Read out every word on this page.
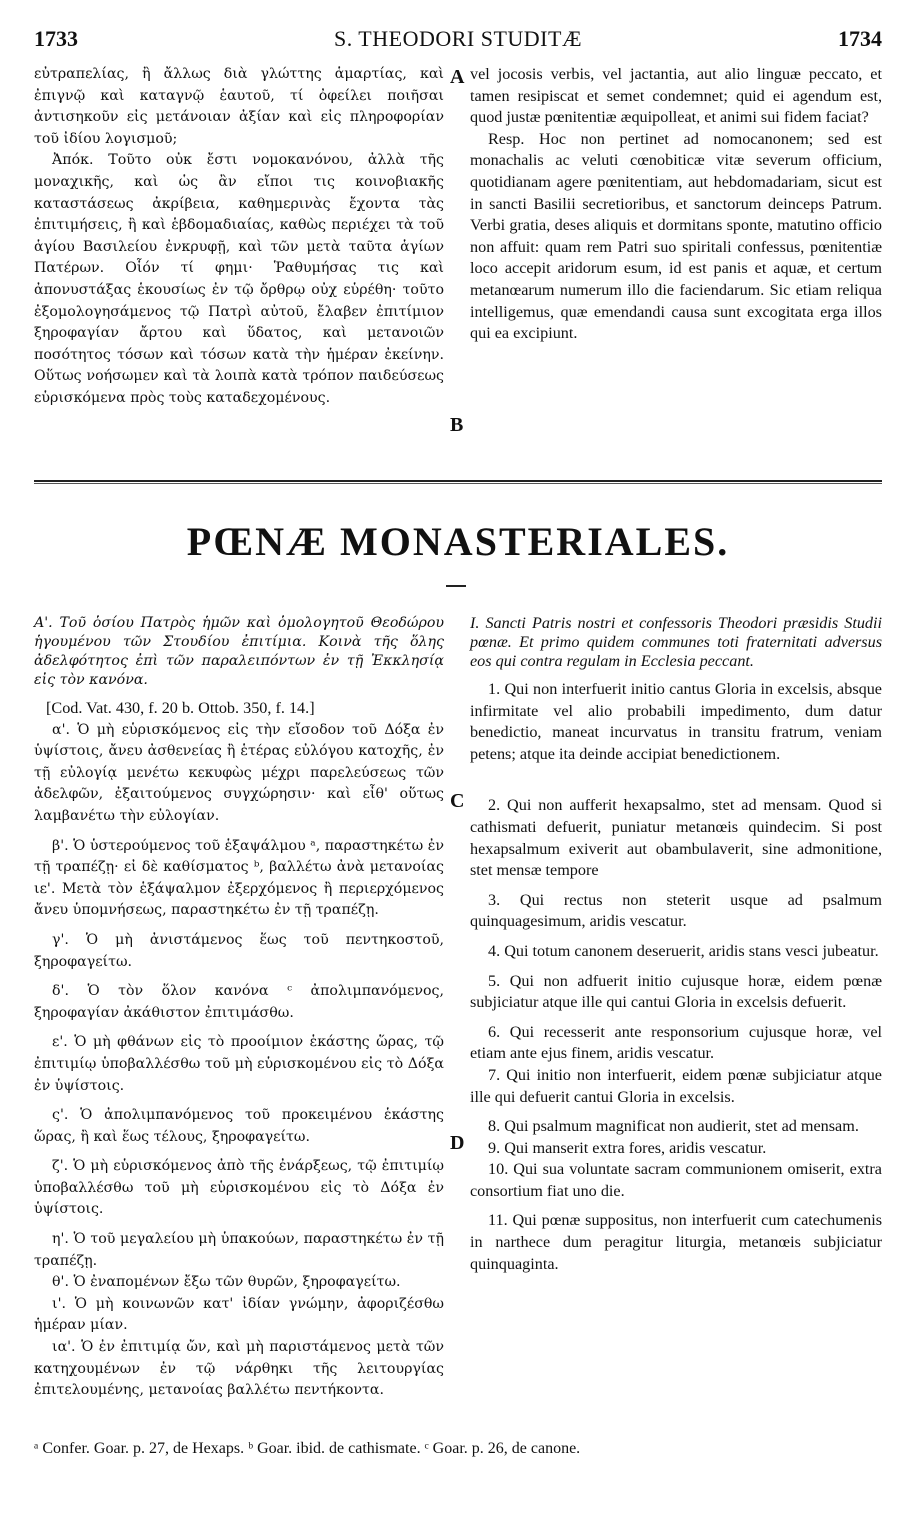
1733	S. THEODORI STUDITÆ	1734

εὐτραπελίας, ἢ ἄλλως διὰ γλώττης ἁμαρτίας, καὶ ἐπιγνῷ καὶ καταγνῷ ἑαυτοῦ, τί ὀφείλει ποιῆσαι ἀντισηκοῦν εἰς μετάνοιαν ἀξίαν καὶ εἰς πληροφορίαν τοῦ ἰδίου λογισμοῦ;

Ἀπόκ. Τοῦτο οὐκ ἔστι νομοκανόνου, ἀλλὰ τῆς μοναχικῆς, καὶ ὡς ἂν εἴποι τις κοινοβιακῆς καταστάσεως ἀκρίβεια, καθημερινὰς ἔχοντα τὰς ἐπιτιμήσεις, ἢ καὶ ἑβδομαδιαίας, καθὼς περιέχει τὰ τοῦ ἁγίου Βασιλείου ἐνκρυφῇ, καὶ τῶν μετὰ ταῦτα ἁγίων Πατέρων. Οἷόν τί φημι· Ῥαθυμήσας τις καὶ ἀπονυστάξας ἑκουσίως ἐν τῷ ὄρθρῳ οὐχ εὑρέθη· τοῦτο ἐξομολογησάμενος τῷ Πατρὶ αὐτοῦ, ἔλαβεν ἐπιτίμιον ξηροφαγίαν ἄρτου καὶ ὕδατος, καὶ μετανοιῶν ποσότητος τόσων καὶ τόσων κατὰ τὴν ἡμέραν ἐκείνην. Οὕτως νοήσωμεν καὶ τὰ λοιπὰ κατὰ τρόπον παιδεύσεως εὑρισκόμενα πρὸς τοὺς καταδεχομένους.

vel jocosis verbis, vel jactantia, aut alio linguæ peccato, et tamen resipiscat et semet condemnet; quid ei agendum est, quod justæ pœnitentiæ æquipolleat, et animi sui fidem faciat?

Resp. Hoc non pertinet ad nomocanonem; sed est monachalis ac veluti cœnobiticæ vitæ severum officium, quotidianam agere pœnitentiam, aut hebdomadariam, sicut est in sancti Basilii secretioribus, et sanctorum deinceps Patrum. Verbi gratia, deses aliquis et dormitans sponte, matutino officio non affuit: quam rem Patri suo spiritali confessus, pœnitentiæ loco accepit aridorum esum, id est panis et aquæ, et certum metanœarum numerum illo die faciendarum. Sic etiam reliqua intelligemus, quæ emendandi causa sunt excogitata erga illos qui ea excipiunt.

A
B
PŒNÆ MONASTERIALES.

Α'. Τοῦ ὁσίου Πατρὸς ἡμῶν καὶ ὁμολογητοῦ Θεοδώρου ἡγουμένου τῶν Στουδίου ἐπιτίμια. Κοινὰ τῆς ὅλης ἀδελφότητος ἐπὶ τῶν παραλειπόντων ἐν τῇ Ἐκκλησίᾳ εἰς τὸν κανόνα.

[Cod. Vat. 430, f. 20 b. Ottob. 350, f. 14.]

α'. Ὁ μὴ εὑρισκόμενος εἰς τὴν εἴσοδον τοῦ Δόξα ἐν ὑψίστοις, ἄνευ ἀσθενείας ἢ ἑτέρας εὐλόγου κατοχῆς, ἐν τῇ εὐλογίᾳ μενέτω κεκυφὼς μέχρι παρελεύσεως τῶν ἀδελφῶν, ἐξαιτούμενος συγχώρησιν· καὶ εἶθ' οὕτως λαμβανέτω τὴν εὐλογίαν.

β'. Ὁ ὑστερούμενος τοῦ ἑξαψάλμου ᵃ, παραστηκέτω ἐν τῇ τραπέζῃ· εἰ δὲ καθίσματος ᵇ, βαλλέτω ἀνὰ μετανοίας ιε'. Μετὰ τὸν ἑξάψαλμον ἐξερχόμενος ἢ περιερχόμενος ἄνευ ὑπομνήσεως, παραστηκέτω ἐν τῇ τραπέζῃ.

γ'. Ὁ μὴ ἀνιστάμενος ἕως τοῦ πεντηκοστοῦ, ξηροφαγείτω.

δ'. Ὁ τὸν ὅλον κανόνα ᶜ ἀπολιμπανόμενος, ξηροφαγίαν ἀκάθιστον ἐπιτιμάσθω.

ε'. Ὁ μὴ φθάνων εἰς τὸ προοίμιον ἑκάστης ὥρας, τῷ ἐπιτιμίῳ ὑποβαλλέσθω τοῦ μὴ εὑρισκομένου εἰς τὸ Δόξα ἐν ὑψίστοις.

ς'. Ὁ ἀπολιμπανόμενος τοῦ προκειμένου ἑκάστης ὥρας, ἢ καὶ ἕως τέλους, ξηροφαγείτω.

ζ'. Ὁ μὴ εὑρισκόμενος ἀπὸ τῆς ἐνάρξεως, τῷ ἐπιτιμίῳ ὑποβαλλέσθω τοῦ μὴ εὑρισκομένου εἰς τὸ Δόξα ἐν ὑψίστοις.

η'. Ὁ τοῦ μεγαλείου μὴ ὑπακούων, παραστηκέτω ἐν τῇ τραπέζῃ.

θ'. Ὁ ἐναπομένων ἔξω τῶν θυρῶν, ξηροφαγείτω.

ι'. Ὁ μὴ κοινωνῶν κατ' ἰδίαν γνώμην, ἀφοριζέσθω ἡμέραν μίαν.

ια'. Ὁ ἐν ἐπιτιμίᾳ ὤν, καὶ μὴ παριστάμενος μετὰ τῶν κατηχουμένων ἐν τῷ νάρθηκι τῆς λειτουργίας ἐπιτελουμένης, μετανοίας βαλλέτω πεντήκοντα.

I. Sancti Patris nostri et confessoris Theodori præsidis Studii pœnæ. Et primo quidem communes toti fraternitati adversus eos qui contra regulam in Ecclesia peccant.

1. Qui non interfuerit initio cantus Gloria in excelsis, absque infirmitate vel alio probabili impedimento, dum datur benedictio, maneat incurvatus in transitu fratrum, veniam petens; atque ita deinde accipiat benedictionem.

2. Qui non aufferit hexapsalmo, stet ad mensam. Quod si cathismati defuerit, puniatur metanœis quindecim. Si post hexapsalmum exiverit aut obambulaverit, sine admonitione, stet mensæ tempore

3. Qui rectus non steterit usque ad psalmum quinquagesimum, aridis vescatur.

4. Qui totum canonem deseruerit, aridis stans vesci jubeatur.

5. Qui non adfuerit initio cujusque horæ, eidem pœnæ subjiciatur atque ille qui cantui Gloria in excelsis defuerit.

6. Qui recesserit ante responsorium cujusque horæ, vel etiam ante ejus finem, aridis vescatur.

7. Qui initio non interfuerit, eidem pœnæ subjiciatur atque ille qui defuerit cantui Gloria in excelsis.

8. Qui psalmum magnificat non audierit, stet ad mensam.

9. Qui manserit extra fores, aridis vescatur.

10. Qui sua voluntate sacram communionem omiserit, extra consortium fiat uno die.

11. Qui pœnæ suppositus, non interfuerit cum catechumenis in narthece dum peragitur liturgia, metanœis subjiciatur quinquaginta.

C
D
ᵃ Confer. Goar. p. 27, de Hexaps. ᵇ Goar. ibid. de cathismate. ᶜ Goar. p. 26, de canone.
